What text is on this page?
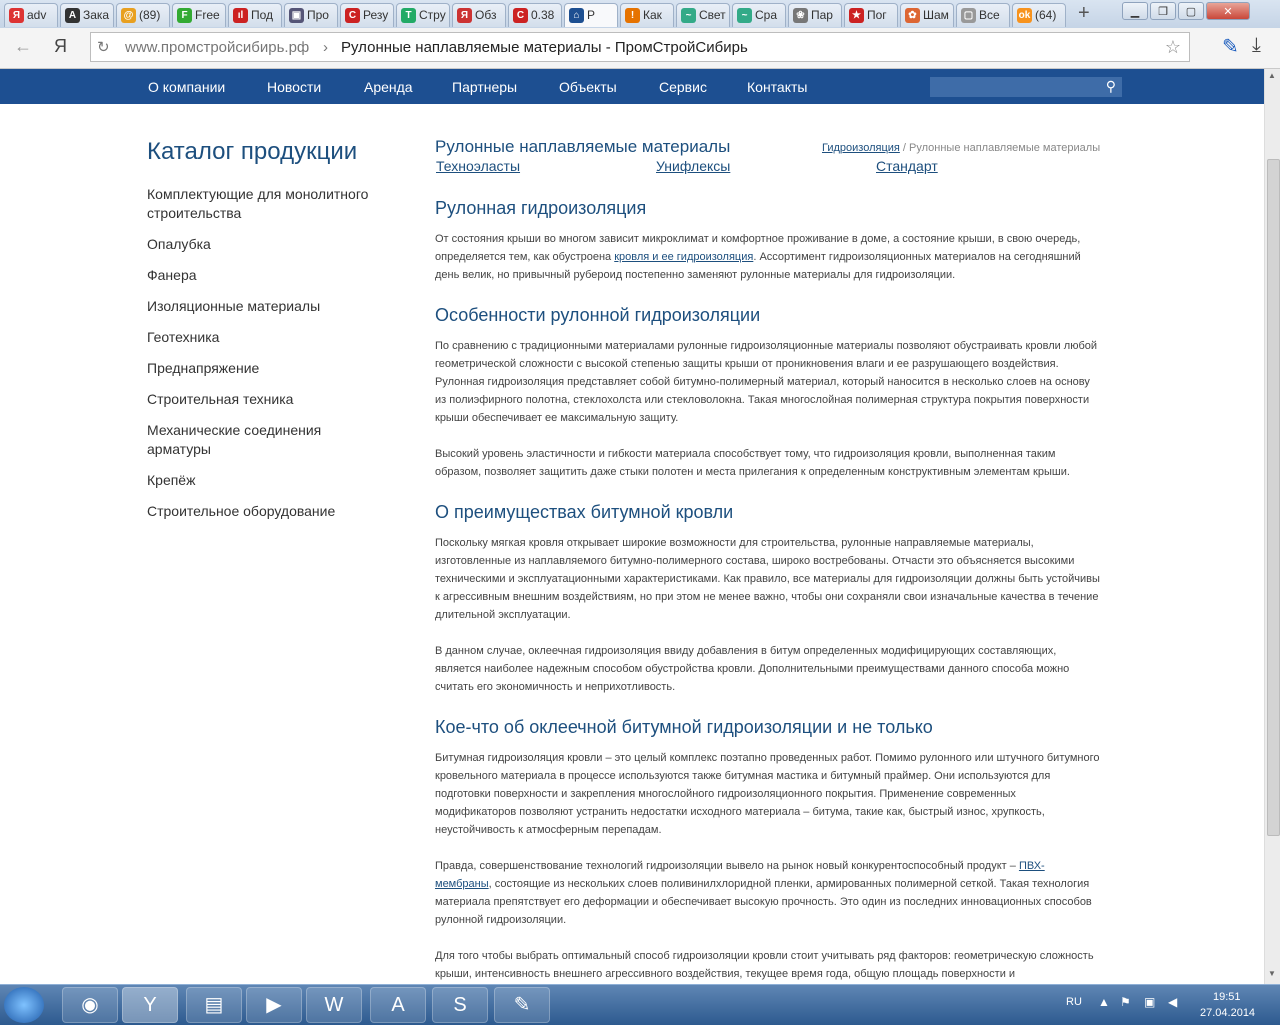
ok (64)
▢ Все
✿ Шам
★ Пог
❀ Пар
~ Сра
~ Свет
! Как
⌂ Р
C 0.38
Я Обз
T Стру
C Резу
▣ Про
ıl Под
F Free
@ (89)
A Зака
Я adv	+	▁	❐	▢	✕
← Я ↻ www.промстройсибирь.рф › Рулонные наплавляемые материалы - ПромСтройСибирь	☆ ✎ ⤓
О компании	Новости	Аренда	Партнеры	Объекты	Сервис	Контакты	⚲
Каталог продукции
Комплектующие для монолитного строительства
Опалубка
Фанера
Изоляционные материалы
Геотехника
Преднапряжение
Строительная техника
Механические соединения арматуры
Крепёж
Строительное оборудование
Рулонные наплавляемые материалы
Техноэласты	Унифлексы	Стандарт
Гидроизоляция / Рулонные наплавляемые материалы
Рулонная гидроизоляция
От состояния крыши во многом зависит микроклимат и комфортное проживание в доме, а состояние крыши, в свою очередь, определяется тем, как обустроена кровля и ее гидроизоляция. Ассортимент гидроизоляционных материалов на сегодняшний день велик, но привычный рубероид постепенно заменяют рулонные материалы для гидроизоляции.
Особенности рулонной гидроизоляции
По сравнению с традиционными материалами рулонные гидроизоляционные материалы позволяют обустраивать кровли любой геометрической сложности с высокой степенью защиты крыши от проникновения влаги и ее разрушающего воздействия. Рулонная гидроизоляция представляет собой битумно-полимерный материал, который наносится в несколько слоев на основу из полиэфирного полотна, стеклохолста или стекловолокна. Такая многослойная полимерная структура покрытия поверхности крыши обеспечивает ее максимальную защиту.
Высокий уровень эластичности и гибкости материала способствует тому, что гидроизоляция кровли, выполненная таким образом, позволяет защитить даже стыки полотен и места прилегания к определенным конструктивным элементам крыши.
О преимуществах битумной кровли
Поскольку мягкая кровля открывает широкие возможности для строительства, рулонные направляемые материалы, изготовленные из наплавляемого битумно-полимерного состава, широко востребованы. Отчасти это объясняется высокими техническими и эксплуатационными характеристиками. Как правило, все материалы для гидроизоляции должны быть устойчивы к агрессивным внешним воздействиям, но при этом не менее важно, чтобы они сохраняли свои изначальные качества в течение длительной эксплуатации.
В данном случае, оклеечная гидроизоляция ввиду добавления в битум определенных модифицирующих составляющих, является наиболее надежным способом обустройства кровли. Дополнительными преимуществами данного способа можно считать его экономичность и неприхотливость.
Кое-что об оклеечной битумной гидроизоляции и не только
Битумная гидроизоляция кровли – это целый комплекс поэтапно проведенных работ. Помимо рулонного или штучного битумного кровельного материала в процессе используются также битумная мастика и битумный праймер. Они используются для подготовки поверхности и закрепления многослойного гидроизоляционного покрытия. Применение современных модификаторов позволяют устранить недостатки исходного материала – битума, такие как, быстрый износ, хрупкость, неустойчивость к атмосферным перепадам.
Правда, совершенствование технологий гидроизоляции вывело на рынок новый конкурентоспособный продукт – ПВХ-мембраны, состоящие из нескольких слоев поливинилхлоридной пленки, армированных полимерной сеткой. Такая технология материала препятствует его деформации и обеспечивает высокую прочность. Это один из последних инновационных способов рулонной гидроизоляции.
Для того чтобы выбрать оптимальный способ гидроизоляции кровли стоит учитывать ряд факторов: геометрическую сложность крыши, интенсивность внешнего агрессивного воздействия, текущее время года, общую площадь поверхности и
▲
▼
◉	Y	▤	▶	W	A	S	✎	RU ▲ ⚑ ▣ ◀	19:51
27.04.2014
